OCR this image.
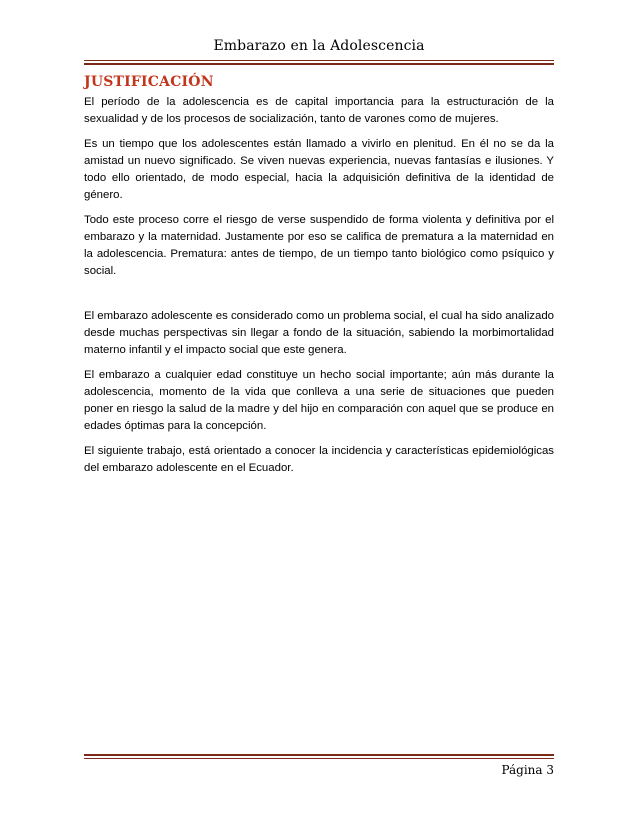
Embarazo en la Adolescencia
JUSTIFICACIÓN

El período de la adolescencia es de capital importancia para la estructuración de la sexualidad y de los procesos de socialización, tanto de varones como de mujeres.

Es un tiempo que los adolescentes están llamado a vivirlo en plenitud. En él no se da la amistad un nuevo significado. Se viven nuevas experiencia, nuevas fantasías e ilusiones. Y todo ello orientado, de modo especial, hacia la adquisición definitiva de la identidad de género.

Todo este proceso corre el riesgo de verse suspendido de forma violenta y definitiva por el embarazo y la maternidad. Justamente por eso se califica de prematura a la maternidad en la adolescencia. Prematura: antes de tiempo, de un tiempo tanto biológico como psíquico y social.

El embarazo adolescente es considerado como un problema social, el cual ha sido analizado desde muchas perspectivas sin llegar a fondo de la situación, sabiendo la morbimortalidad materno infantil y el impacto social que este genera.

El embarazo a cualquier edad constituye un hecho social importante; aún más durante la adolescencia, momento de la vida que conlleva a una serie de situaciones que pueden poner en riesgo la salud de la madre y del hijo en comparación con aquel que se produce en edades óptimas para la concepción.

El siguiente trabajo, está orientado a conocer la incidencia y características epidemiológicas del embarazo adolescente en el Ecuador.

Página 3
